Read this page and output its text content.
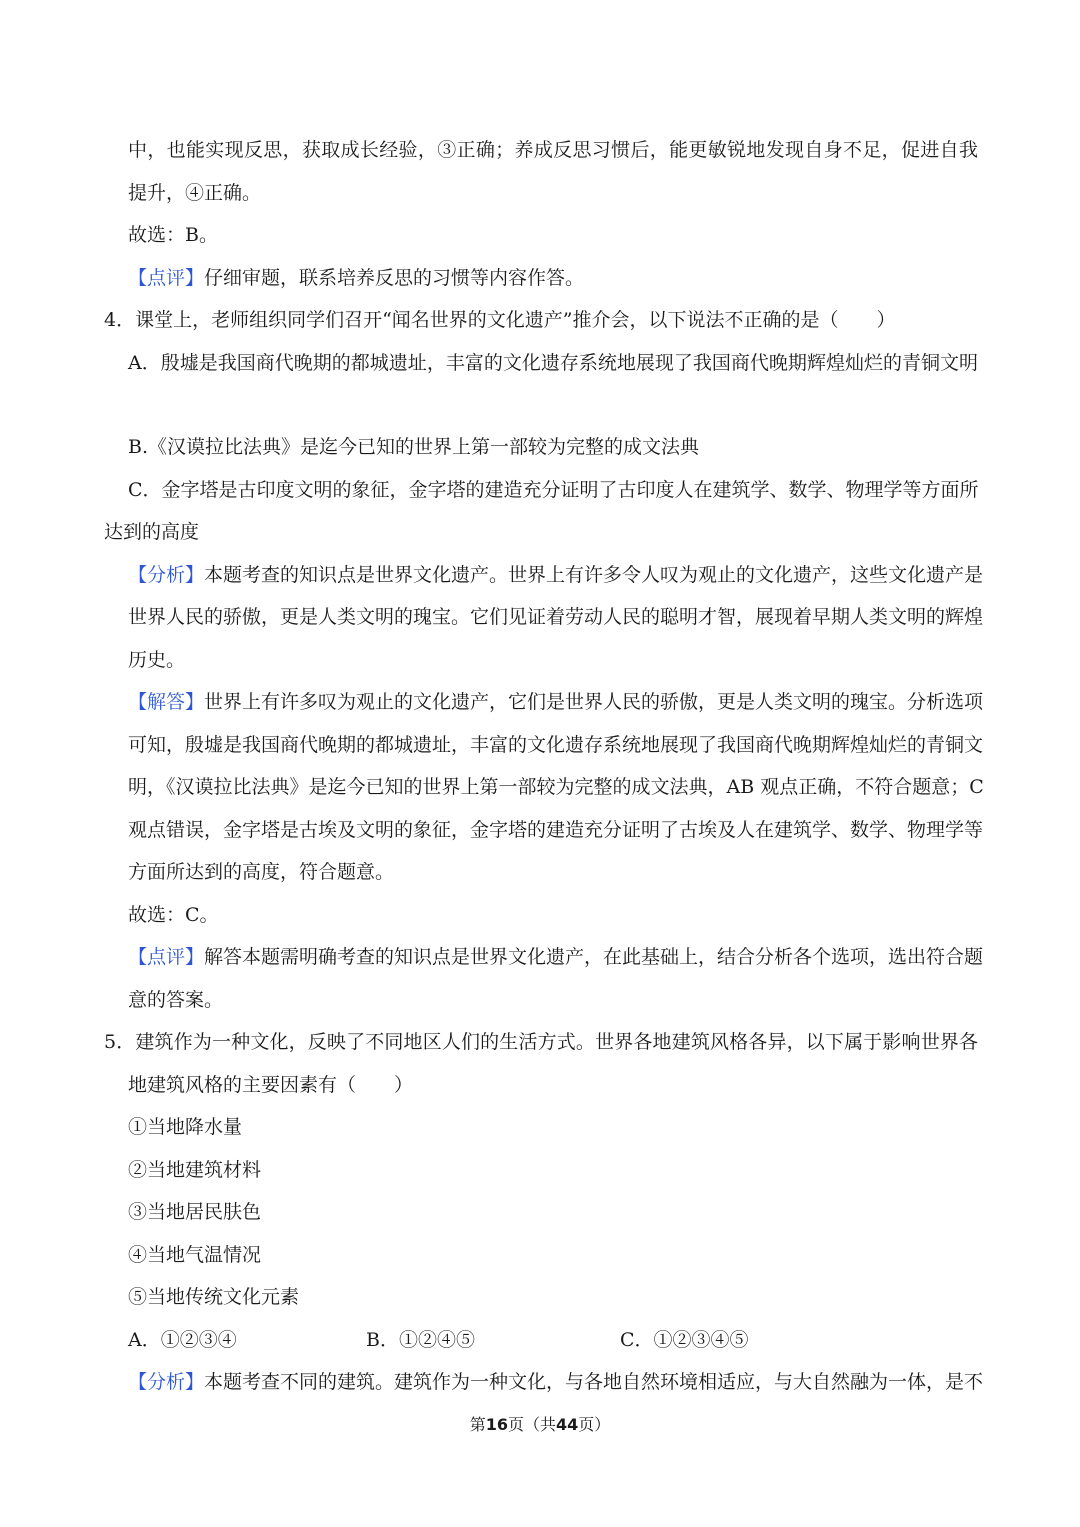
中，也能实现反思，获取成长经验，③正确；养成反思习惯后，能更敏锐地发现自身不足，促进自我
提升，④正确。
故选：B。
【点评】仔细审题，联系培养反思的习惯等内容作答。
4．课堂上，老师组织同学们召开“闻名世界的文化遗产”推介会，以下说法不正确的是（　　）
A．殷墟是我国商代晚期的都城遗址，丰富的文化遗存系统地展现了我国商代晚期辉煌灿烂的青铜文明
B.《汉谟拉比法典》是迄今已知的世界上第一部较为完整的成文法典
C．金字塔是古印度文明的象征，金字塔的建造充分证明了古印度人在建筑学、数学、物理学等方面所
达到的高度
【分析】本题考查的知识点是世界文化遗产。世界上有许多令人叹为观止的文化遗产，这些文化遗产是
世界人民的骄傲，更是人类文明的瑰宝。它们见证着劳动人民的聪明才智，展现着早期人类文明的辉煌
历史。
【解答】世界上有许多叹为观止的文化遗产，它们是世界人民的骄傲，更是人类文明的瑰宝。分析选项
可知，殷墟是我国商代晚期的都城遗址，丰富的文化遗存系统地展现了我国商代晚期辉煌灿烂的青铜文
明，《汉谟拉比法典》是迄今已知的世界上第一部较为完整的成文法典，AB 观点正确，不符合题意；C
观点错误，金字塔是古埃及文明的象征，金字塔的建造充分证明了古埃及人在建筑学、数学、物理学等
方面所达到的高度，符合题意。
故选：C。
【点评】解答本题需明确考查的知识点是世界文化遗产，在此基础上，结合分析各个选项，选出符合题
意的答案。
5．建筑作为一种文化，反映了不同地区人们的生活方式。世界各地建筑风格各异，以下属于影响世界各
地建筑风格的主要因素有（　　）
①当地降水量
②当地建筑材料
③当地居民肤色
④当地气温情况
⑤当地传统文化元素
A．①②③④	B．①②④⑤	C．①②③④⑤
【分析】本题考查不同的建筑。建筑作为一种文化，与各地自然环境相适应，与大自然融为一体，是不
第16页（共44页）
